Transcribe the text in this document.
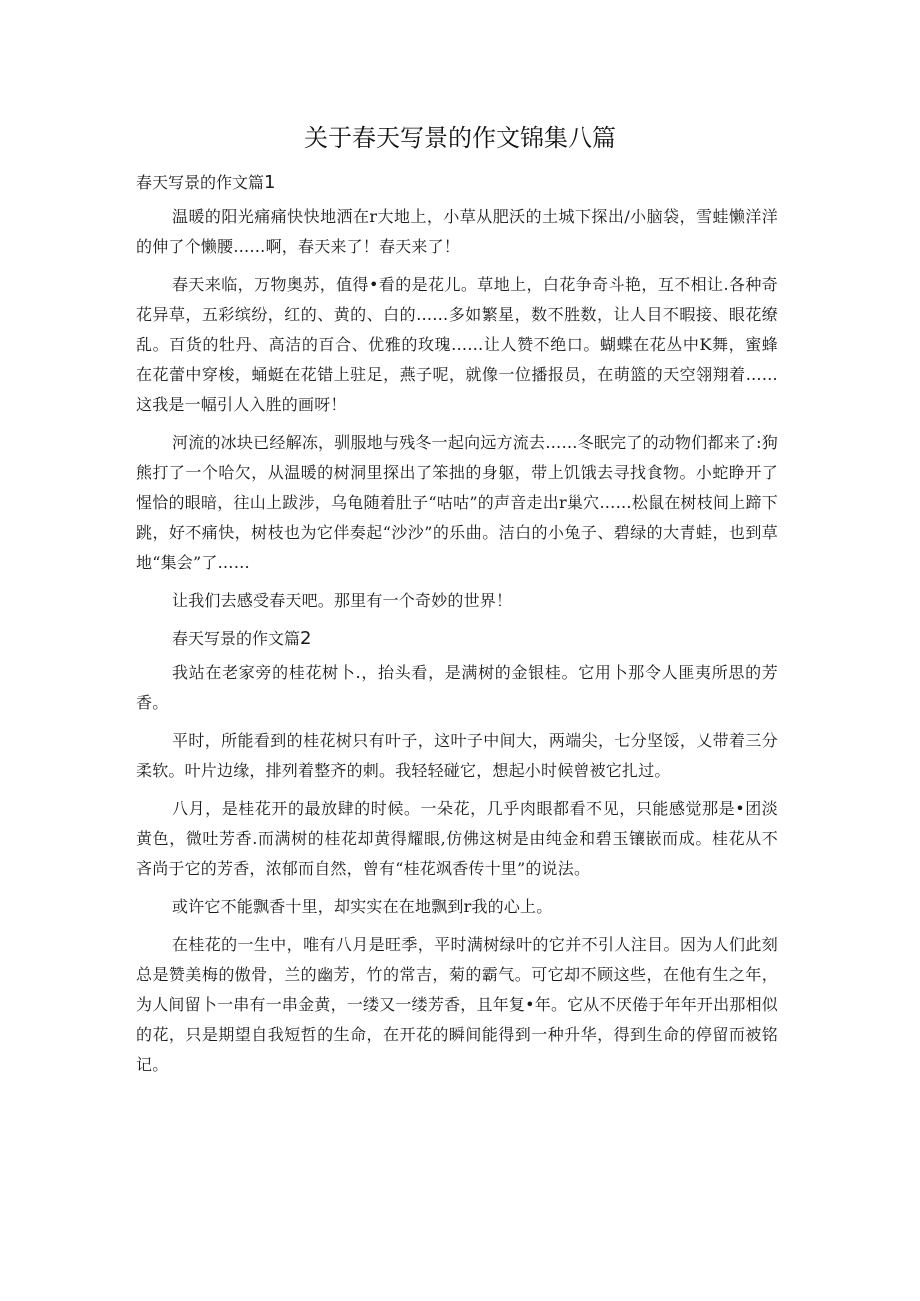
关于春天写景的作文锦集八篇
春天写景的作文篇1

温暖的阳光痛痛快快地洒在r大地上，小草从肥沃的土城下探出/小脑袋，雪蛙懒洋洋的伸了个懒腰……啊，春天来了！春天来了！

春天来临，万物奥苏，值得•看的是花儿。草地上，白花争奇斗艳，互不相让.各种奇花异草，五彩缤纷，红的、黄的、白的……多如繁星，数不胜数，让人目不暇接、眼花缭乱。百货的牡丹、高洁的百合、优雅的玫瑰……让人赞不绝口。蝴蝶在花丛中K舞，蜜蜂在花蕾中穿梭，蛹蜓在花错上驻足，燕子呢，就像一位播报员，在萌篮的天空翎翔着……这我是一幅引人入胜的画呀！

河流的冰块已经解冻，驯服地与残冬一起向远方流去……冬眠完了的动物们都来了:狗熊打了一个哈欠，从温暖的树洞里探出了笨拙的身躯，带上饥饿去寻找食物。小蛇睁开了惺恰的眼暗，往山上跋涉，乌龟随着肚子“咕咕”的声音走出r巢穴……松鼠在树枝间上蹄下跳，好不痛快，树枝也为它伴奏起“沙沙”的乐曲。洁白的小兔子、碧绿的大青蛙，也到草地“集会”了……

让我们去感受春天吧。那里有一个奇妙的世界！

春天写景的作文篇2

我站在老家旁的桂花树卜.，抬头看，是满树的金银桂。它用卜那令人匪夷所思的芳香。

平时，所能看到的桂花树只有叶子，这叶子中间大，两端尖，七分坚馁，乂带着三分柔软。叶片边缘，排列着整齐的刺。我轻轻碰它，想起小时候曾被它扎过。

八月，是桂花开的最放肆的时候。一朵花，几乎肉眼都看不见，只能感觉那是•团淡黄色，微吐芳香.而满树的桂花却黄得耀眼,仿佛这树是由纯金和碧玉镶嵌而成。桂花从不吝尚于它的芳香，浓郁而自然，曾有“桂花飒香传十里”的说法。

或许它不能飘香十里，却实实在在地飘到r我的心上。

在桂花的一生中，唯有八月是旺季，平时满树绿叶的它并不引人注目。因为人们此刻总是赞美梅的傲骨，兰的幽芳，竹的常吉，菊的霸气。可它却不顾这些，在他有生之年，为人间留卜一串有一串金黄，一缕又一缕芳香，且年复•年。它从不厌倦于年年开出那相似的花，只是期望自我短哲的生命，在开花的瞬间能得到一种升华，得到生命的停留而被铭记。
